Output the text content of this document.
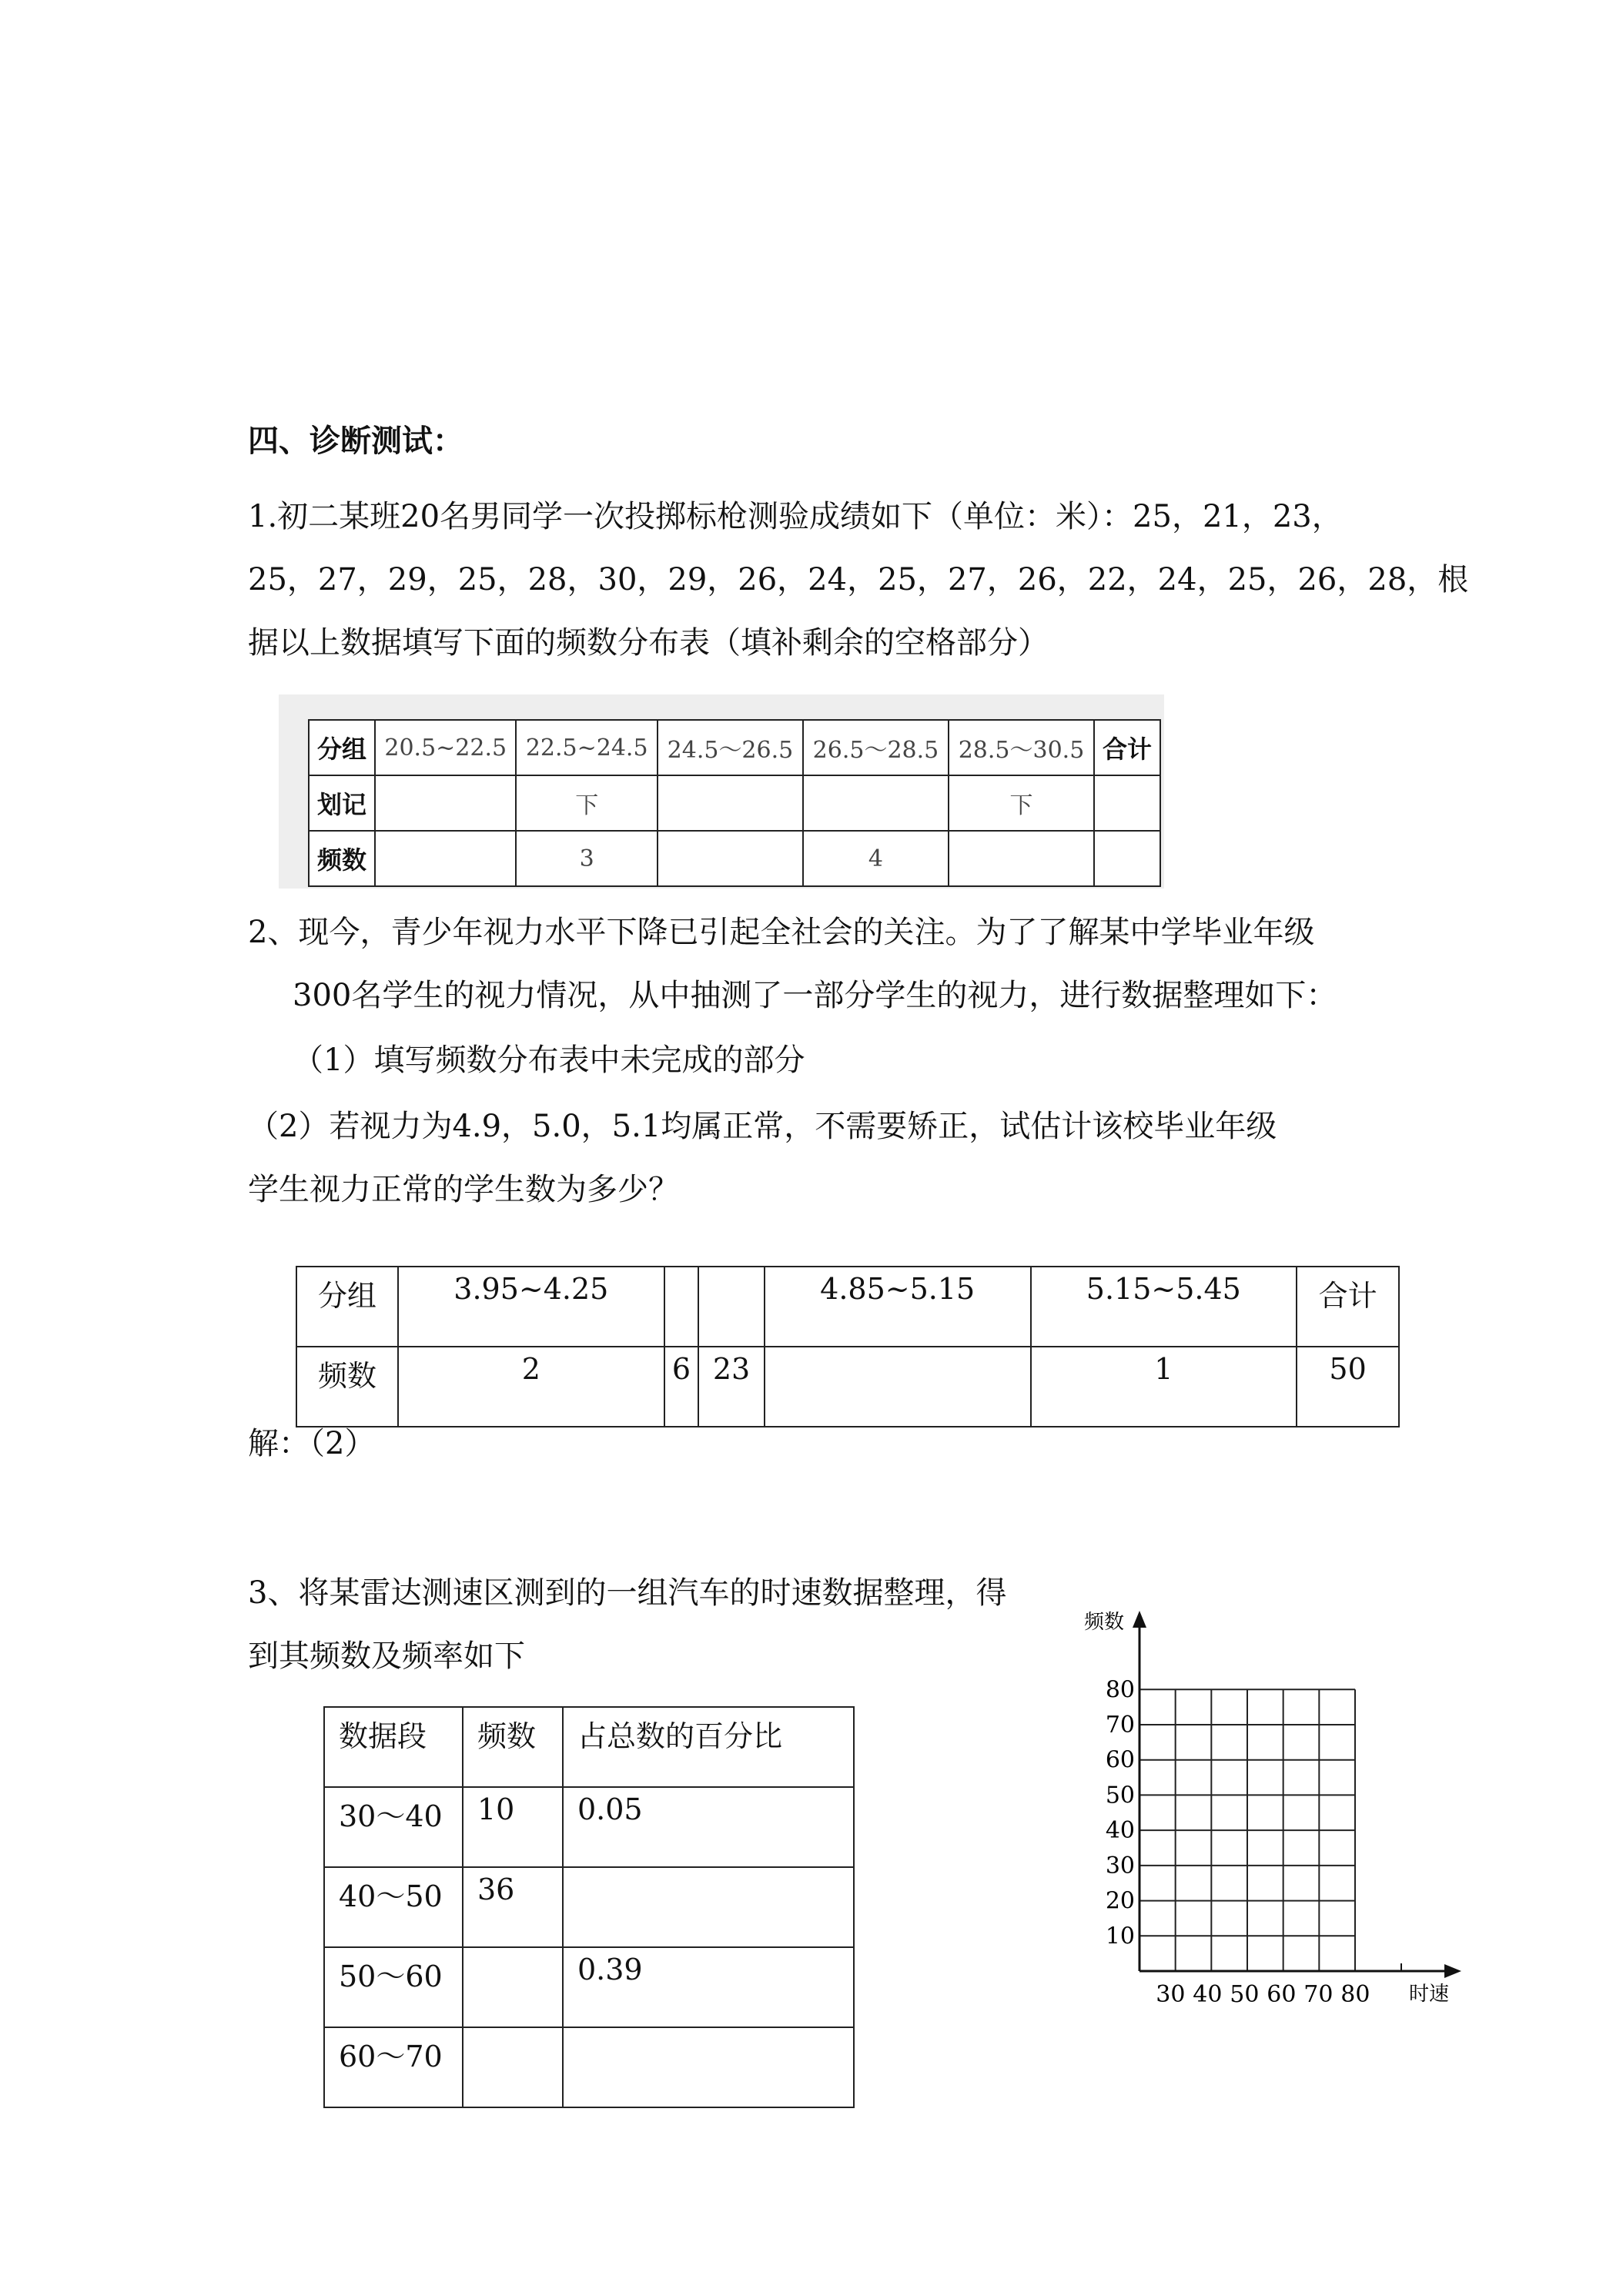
四、诊断测试：
1.初二某班20名男同学一次投掷标枪测验成绩如下（单位：米）：25，21，23，
25，27，29，25，28，30，29，26，24，25，27，26，22，24，25，26，28，根
据以上数据填写下面的频数分布表（填补剩余的空格部分）
分组	20.5~22.5	22.5~24.5	24.5～26.5	26.5～28.5	28.5～30.5	合计
划记		下			下	
频数		3		4		
2、现今，青少年视力水平下降已引起全社会的关注。为了了解某中学毕业年级
300名学生的视力情况，从中抽测了一部分学生的视力，进行数据整理如下：
（1）填写频数分布表中未完成的部分
（2）若视力为4.9，5.0，5.1均属正常，不需要矫正，试估计该校毕业年级
学生视力正常的学生数为多少？
分组	3.95~4.25			4.85~5.15	5.15~5.45	合计
频数	2	6	23		1	50
解：（2）
3、将某雷达测速区测到的一组汽车的时速数据整理，得
到其频数及频率如下
数据段	频数	占总数的百分比
30～40	10	0.05
40～50	36	
50～60		0.39
60～70		
10
20
30
40
50
60
70
80
30 40 50 60 70 80
频数
时速
